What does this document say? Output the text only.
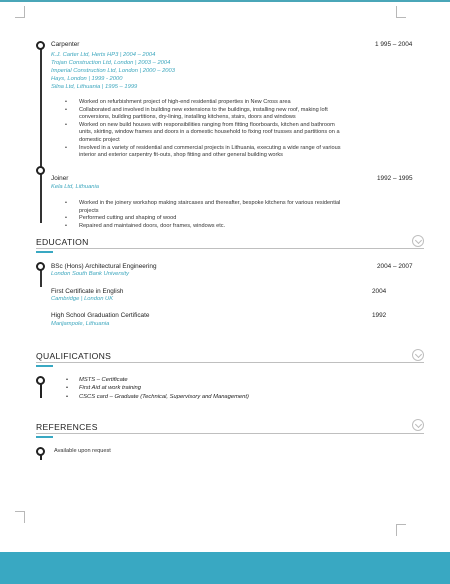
Carpenter	1 995 – 2004
K.J. Carter Ltd, Herts HP3 | 2004 – 2004
Trojan Construction Ltd, London | 2003 – 2004
Imperial Construction Ltd, London | 2000 – 2003
Hays, London | 1999 - 2000
Silna Ltd, Lithuania | 1995 – 1999
• Worked on refurbishment project of high-end residential properties in New Cross area
• Collaborated and involved in building new extensions to the buildings, installing new roof, making loft
conversions, building partitions, dry-lining, installing kitchens, stairs, doors and windows
• Worked on new build houses with responsibilities ranging from fitting floorboards, kitchen and bathroom
units, skirting, window frames and doors in a domestic household to fixing roof trusses and partitions on a
domestic project
• Involved in a variety of residential and commercial projects in Lithuania, executing a wide range of various
interior and exterior carpentry fit-outs, shop fitting and other general building works
Joiner	1992 – 1995
Kela Ltd, Lithuania
• Worked in the joinery workshop making staircases and thereafter, bespoke kitchens for various residential
projects
• Performed cutting and shaping of wood
• Repaired and maintained doors, door frames, windows etc.
EDUCATION
BSc (Hons) Architectural Engineering
London South Bank University
2004 – 2007
First Certificate in English
Cambridge | London UK
2004
High School Graduation Certificate
Marijampole, Lithuania
1992
QUALIFICATIONS
• MSTS – Certificate
• First Aid at work training
• CSCS card – Graduate (Technical, Supervisory and Management)
REFERENCES
Available upon request
